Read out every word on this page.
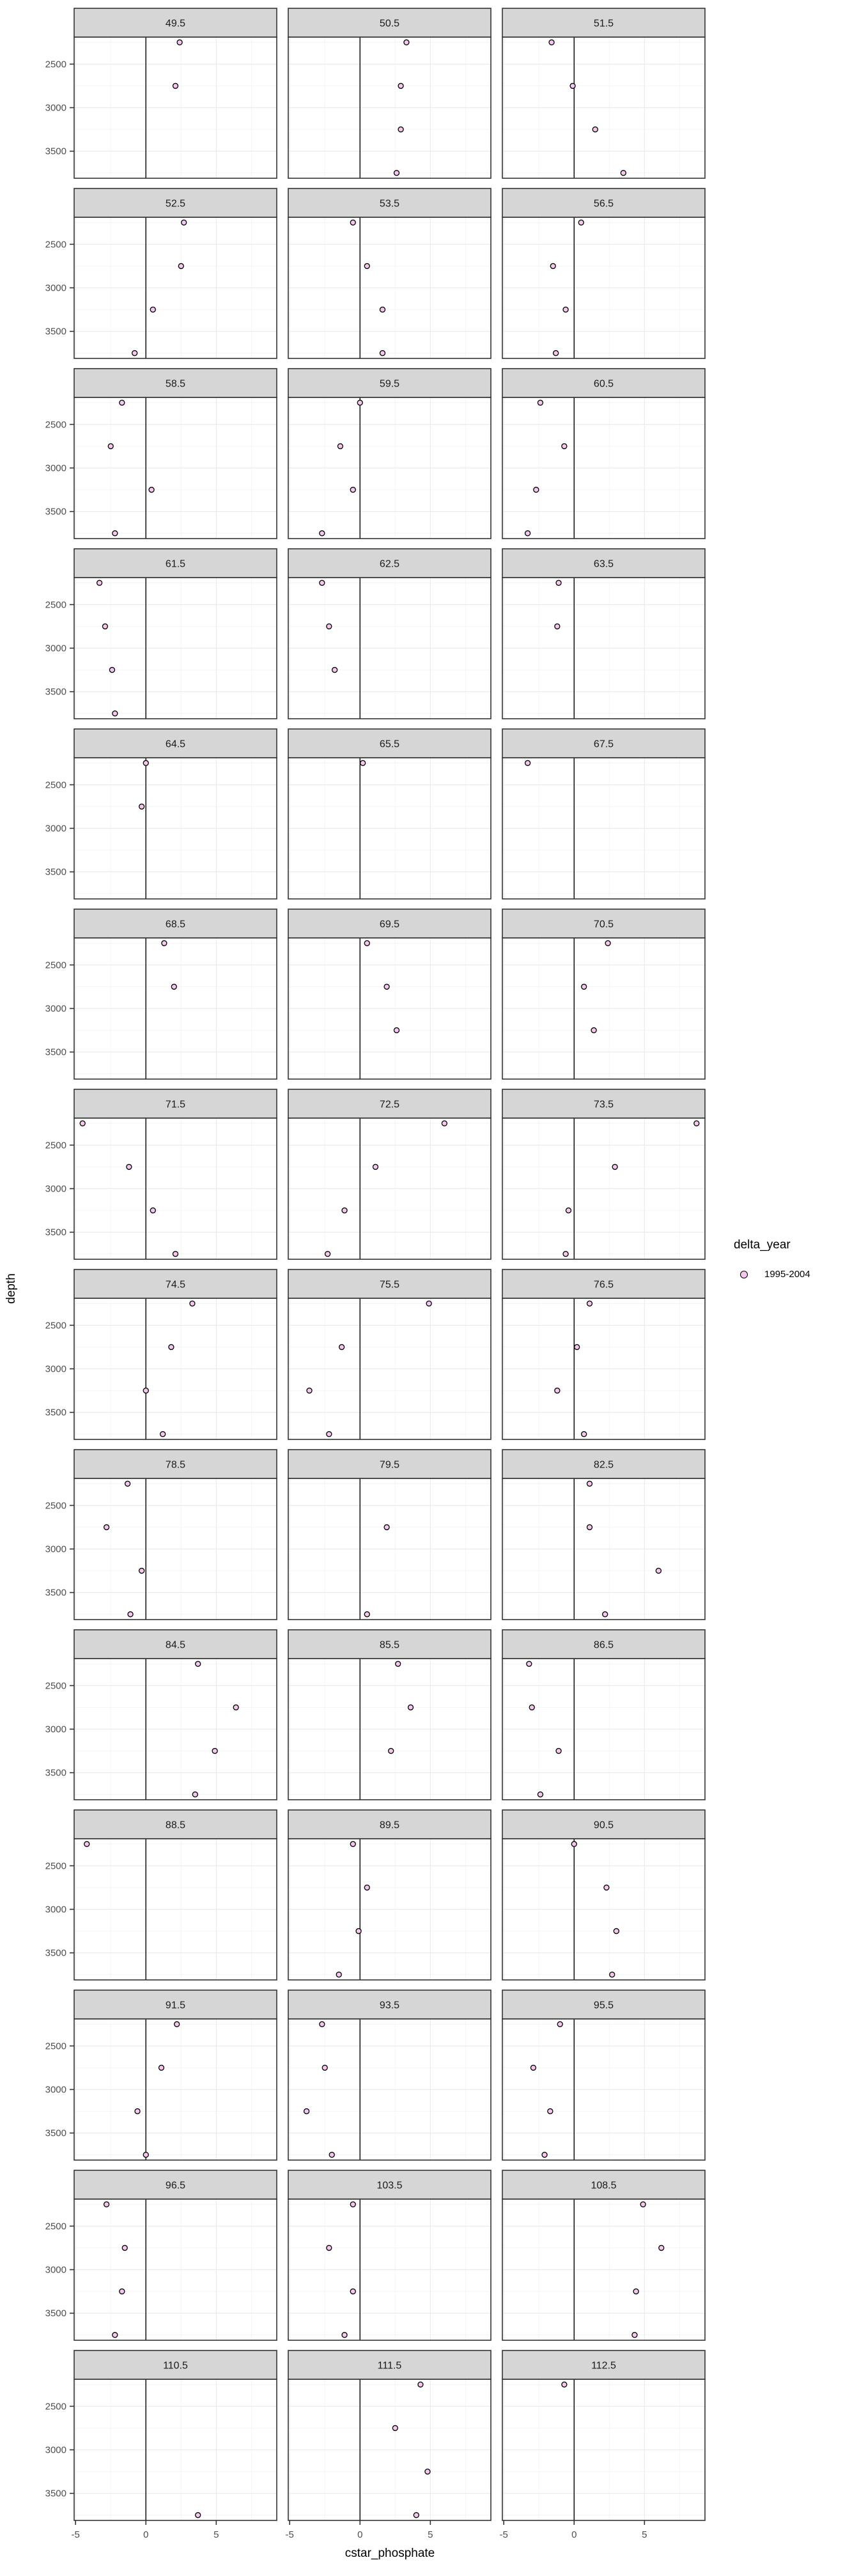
49.5
2500
3000
3500
50.5	51.5
52.5
2500
3000
3500
53.5	56.5
58.5
2500
3000
3500
59.5	60.5
61.5
2500
3000
3500
62.5	63.5
64.5
2500
3000
3500
65.5	67.5
68.5
2500
3000
3500
69.5	70.5
71.5
2500
3000
3500
72.5	73.5
74.5
2500
3000
3500
75.5	76.5
78.5
2500
3000
3500
79.5	82.5
84.5
2500
3000
3500
85.5	86.5
88.5
2500
3000
3500
89.5	90.5
91.5
2500
3000
3500
93.5	95.5
96.5
2500
3000
3500
103.5	108.5
110.5
2500
3000
3500
-5	0	5
111.5
-5	0	5
112.5
-5	0	5
depth
cstar_phosphate
delta_year
1995-2004
